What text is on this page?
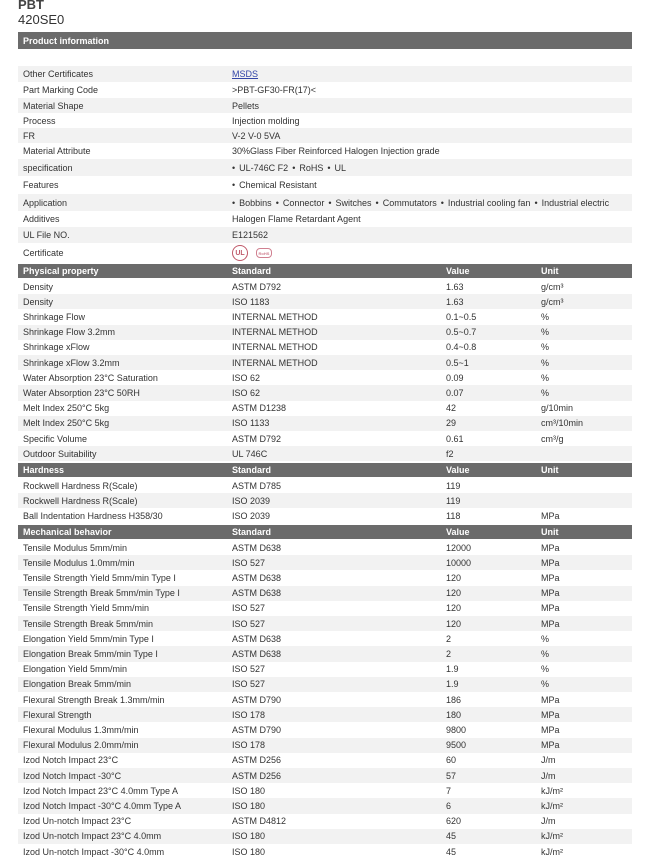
PBT
420SE0
Product information
Other Certificates	MSDS
Part Marking Code	>PBT-GF30-FR(17)<
Material Shape	Pellets
Process	Injection molding
FR	V-2 V-0 5VA
Material Attribute	30%Glass Fiber Reinforced Halogen Injection grade
specification	• UL-746C F2	• RoHS	• UL
Features	• Chemical Resistant
Application	• Bobbins	• Connector	• Switches	• Commutators	• Industrial cooling fan	• Industrial electric
Additives	Halogen Flame Retardant Agent
UL File NO.	E121562
Certificate	UL	RoHS
Physical property	Standard	Value	Unit
Density	ASTM D792	1.63	g/cm³
Density	ISO 1183	1.63	g/cm³
Shrinkage Flow	INTERNAL METHOD	0.1~0.5	%
Shrinkage Flow 3.2mm	INTERNAL METHOD	0.5~0.7	%
Shrinkage xFlow	INTERNAL METHOD	0.4~0.8	%
Shrinkage xFlow 3.2mm	INTERNAL METHOD	0.5~1	%
Water Absorption 23°C Saturation	ISO 62	0.09	%
Water Absorption 23°C 50RH	ISO 62	0.07	%
Melt Index 250°C 5kg	ASTM D1238	42	g/10min
Melt Index 250°C 5kg	ISO 1133	29	cm³/10min
Specific Volume	ASTM D792	0.61	cm³/g
Outdoor Suitability	UL 746C	f2
Hardness	Standard	Value	Unit
Rockwell Hardness R(Scale)	ASTM D785	119
Rockwell Hardness R(Scale)	ISO 2039	119
Ball Indentation Hardness H358/30	ISO 2039	118	MPa
Mechanical behavior	Standard	Value	Unit
Tensile Modulus 5mm/min	ASTM D638	12000	MPa
Tensile Modulus 1.0mm/min	ISO 527	10000	MPa
Tensile Strength Yield 5mm/min Type I	ASTM D638	120	MPa
Tensile Strength Break 5mm/min Type I	ASTM D638	120	MPa
Tensile Strength Yield 5mm/min	ISO 527	120	MPa
Tensile Strength Break 5mm/min	ISO 527	120	MPa
Elongation Yield 5mm/min Type I	ASTM D638	2	%
Elongation Break 5mm/min Type I	ASTM D638	2	%
Elongation Yield 5mm/min	ISO 527	1.9	%
Elongation Break 5mm/min	ISO 527	1.9	%
Flexural Strength Break 1.3mm/min	ASTM D790	186	MPa
Flexural Strength	ISO 178	180	MPa
Flexural Modulus 1.3mm/min	ASTM D790	9800	MPa
Flexural Modulus 2.0mm/min	ISO 178	9500	MPa
Izod Notch Impact 23°C	ASTM D256	60	J/m
Izod Notch Impact -30°C	ASTM D256	57	J/m
Izod Notch Impact 23°C 4.0mm Type A	ISO 180	7	kJ/m²
Izod Notch Impact -30°C 4.0mm Type A	ISO 180	6	kJ/m²
Izod Un-notch Impact 23°C	ASTM D4812	620	J/m
Izod Un-notch Impact 23°C 4.0mm	ISO 180	45	kJ/m²
Izod Un-notch Impact -30°C 4.0mm	ISO 180	45	kJ/m²
